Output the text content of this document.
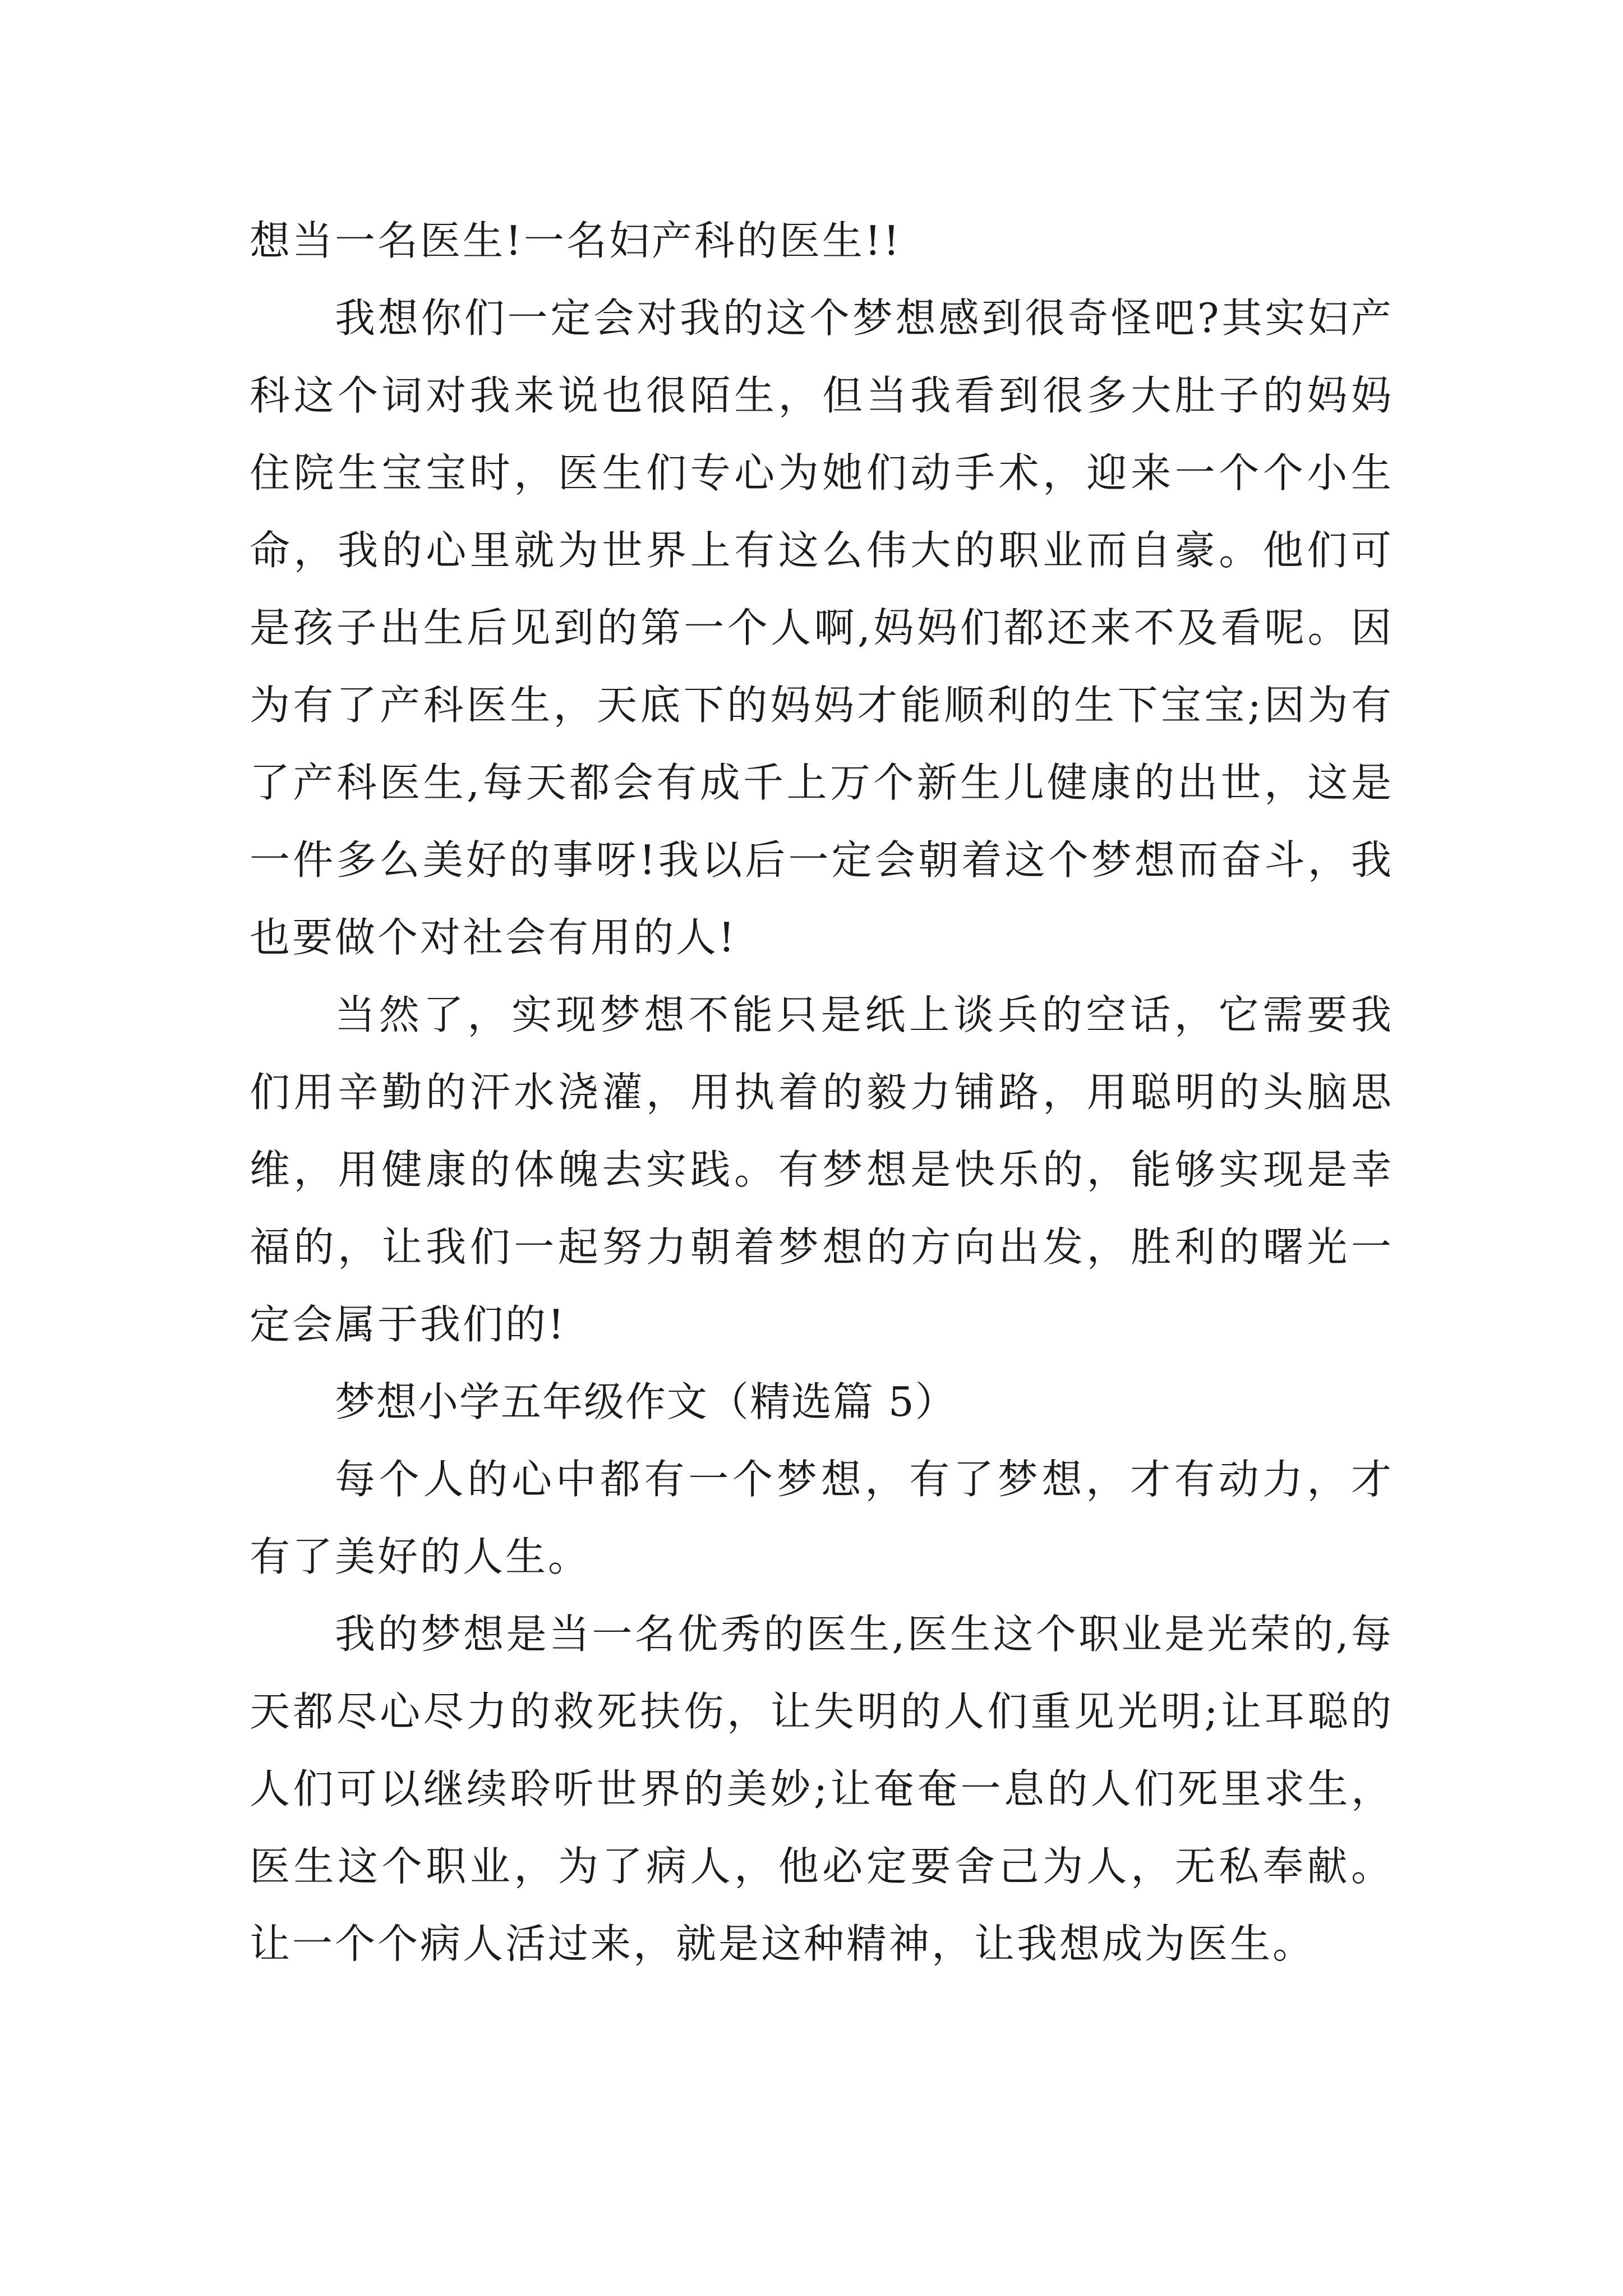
想当一名医生!一名妇产科的医生!!

我想你们一定会对我的这个梦想感到很奇怪吧?其实妇产科这个词对我来说也很陌生，但当我看到很多大肚子的妈妈住院生宝宝时，医生们专心为她们动手术，迎来一个个小生命，我的心里就为世界上有这么伟大的职业而自豪。他们可是孩子出生后见到的第一个人啊,妈妈们都还来不及看呢。因为有了产科医生，天底下的妈妈才能顺利的生下宝宝;因为有了产科医生,每天都会有成千上万个新生儿健康的出世，这是一件多么美好的事呀!我以后一定会朝着这个梦想而奋斗，我也要做个对社会有用的人!

当然了，实现梦想不能只是纸上谈兵的空话，它需要我们用辛勤的汗水浇灌，用执着的毅力铺路，用聪明的头脑思维，用健康的体魄去实践。有梦想是快乐的，能够实现是幸福的，让我们一起努力朝着梦想的方向出发，胜利的曙光一定会属于我们的!

梦想小学五年级作文（精选篇 5）

每个人的心中都有一个梦想，有了梦想，才有动力，才有了美好的人生。

我的梦想是当一名优秀的医生,医生这个职业是光荣的,每天都尽心尽力的救死扶伤，让失明的人们重见光明;让耳聪的人们可以继续聆听世界的美妙;让奄奄一息的人们死里求生，医生这个职业，为了病人，他必定要舍己为人，无私奉献。让一个个病人活过来，就是这种精神，让我想成为医生。
